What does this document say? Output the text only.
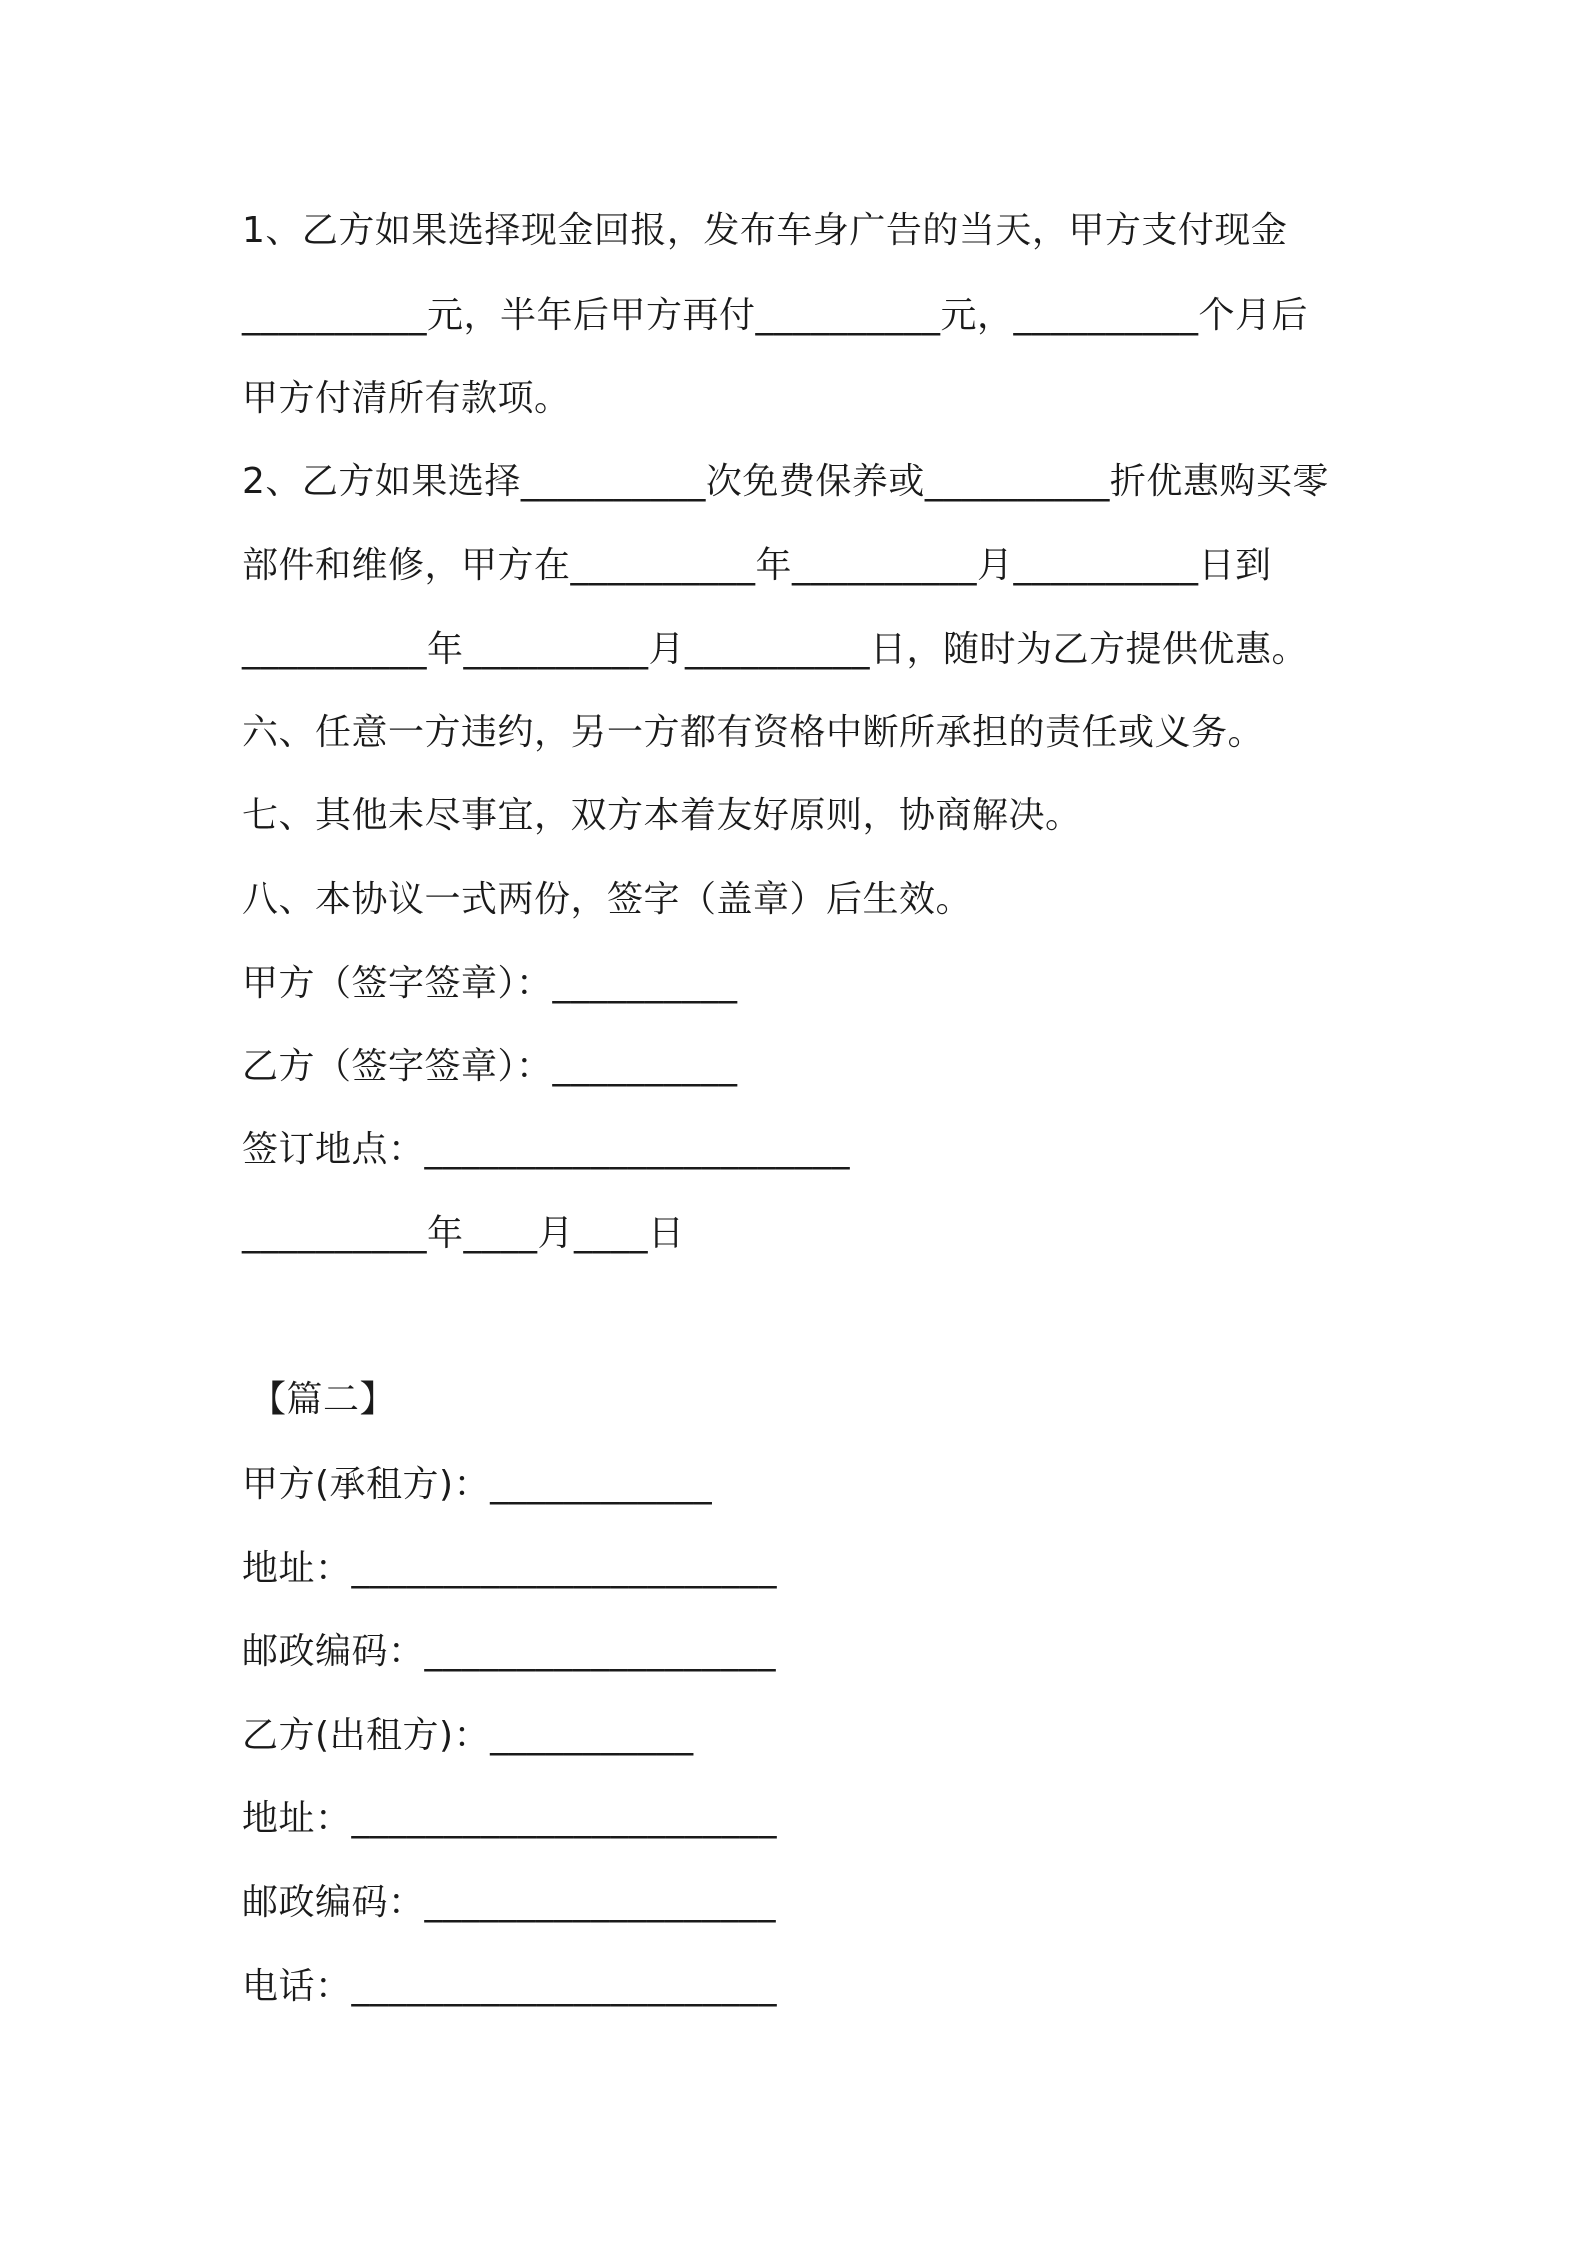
1、乙方如果选择现金回报，发布车身广告的当天，甲方支付现金
__________元，半年后甲方再付__________元，__________个月后
甲方付清所有款项。
2、乙方如果选择__________次免费保养或__________折优惠购买零
部件和维修，甲方在__________年__________月__________日到
__________年__________月__________日，随时为乙方提供优惠。
六、任意一方违约，另一方都有资格中断所承担的责任或义务。
七、其他未尽事宜，双方本着友好原则，协商解决。
八、本协议一式两份，签字（盖章）后生效。
甲方（签字签章）：__________
乙方（签字签章）：__________
签订地点：_______________________
__________年____月____日
【篇二】
甲方(承租方)：____________
地址：_______________________
邮政编码：___________________
乙方(出租方)：___________
地址：_______________________
邮政编码：___________________
电话：_______________________
